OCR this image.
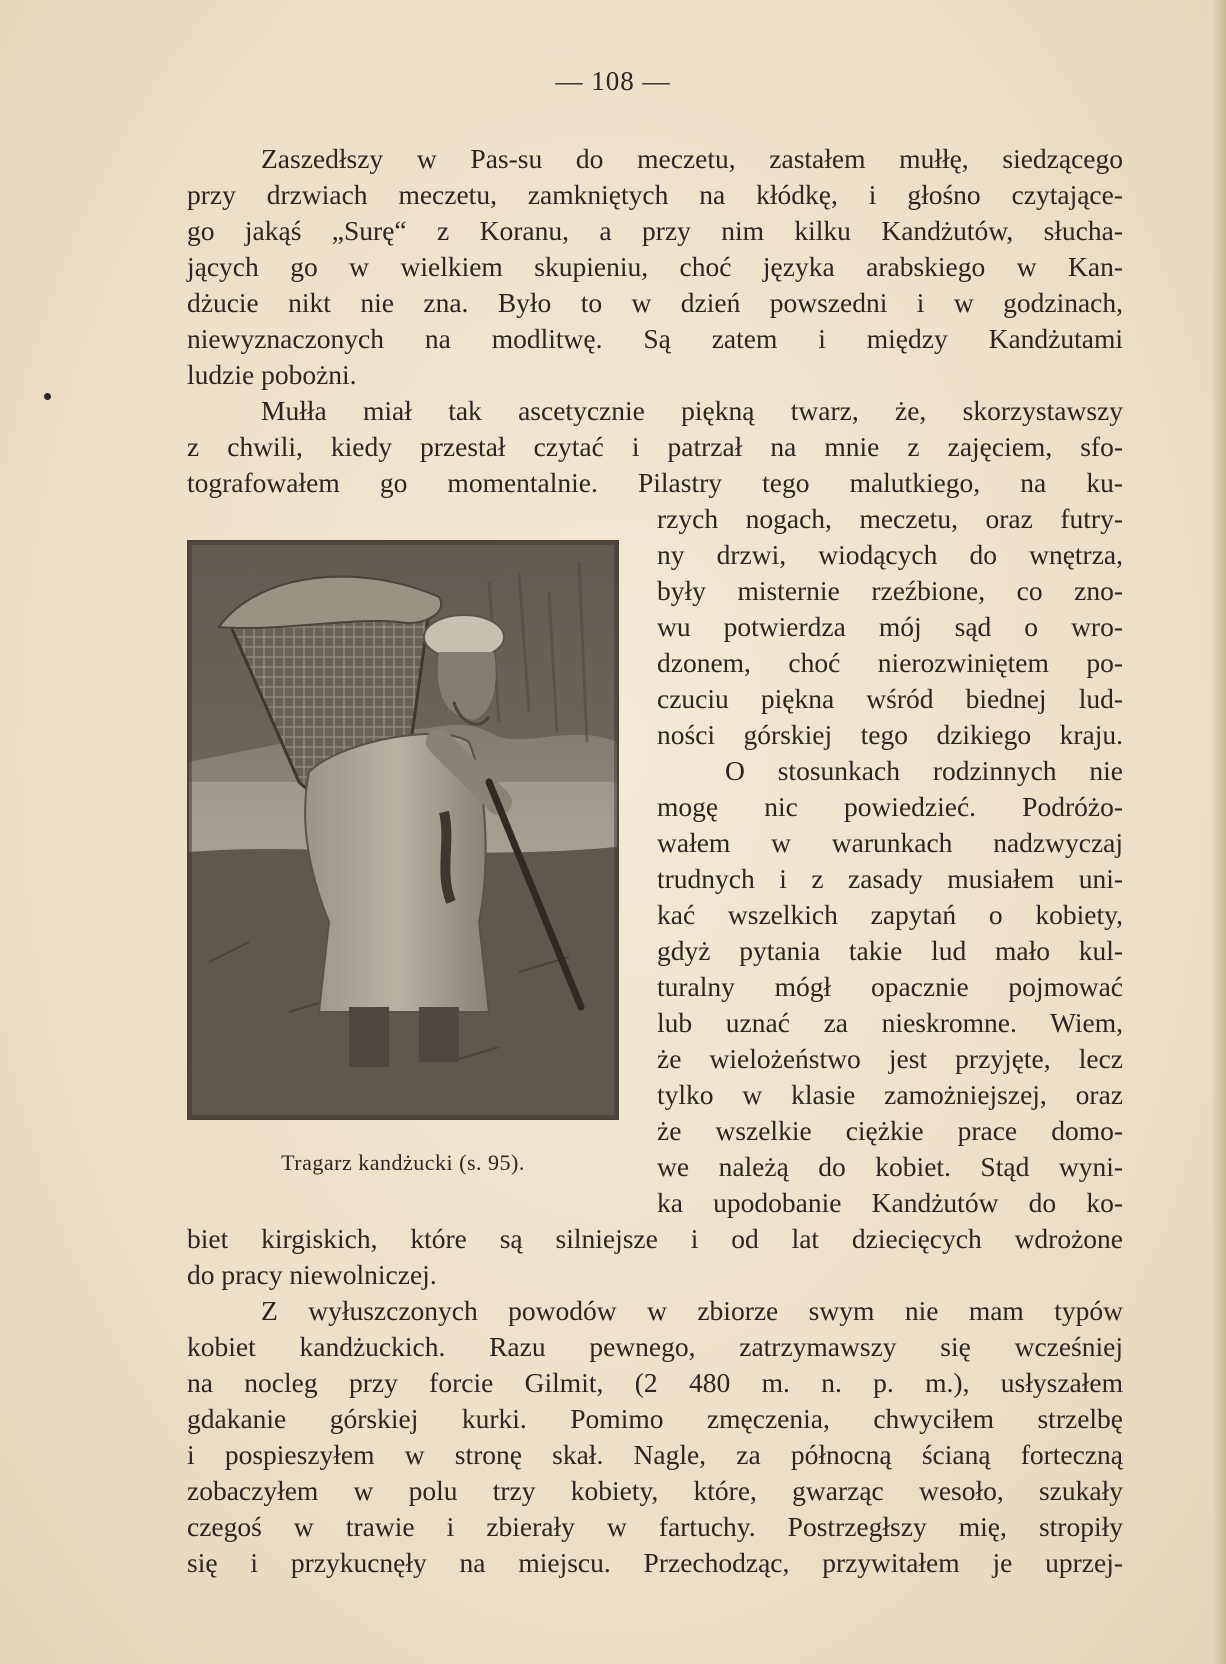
— 108 —
Zaszedłszy w Pas-su do meczetu, zastałem mułłę, siedzącego
przy drzwiach meczetu, zamkniętych na kłódkę, i głośno czytające-
go jakąś „Surę“ z Koranu, a przy nim kilku Kandżutów, słucha-
jących go w wielkiem skupieniu, choć języka arabskiego w Kan-
dżucie nikt nie zna. Było to w dzień powszedni i w godzinach,
niewyznaczonych na modlitwę. Są zatem i między Kandżutami
ludzie pobożni.
Mułła miał tak ascetycznie piękną twarz, że, skorzystawszy
z chwili, kiedy przestał czytać i patrzał na mnie z zajęciem, sfo-
tografowałem go momentalnie. Pilastry tego malutkiego, na ku-
rzych nogach, meczetu, oraz futry-
ny drzwi, wiodących do wnętrza,
były misternie rzeźbione, co zno-
wu potwierdza mój sąd o wro-
dzonem, choć nierozwiniętem po-
czuciu piękna wśród biednej lud-
ności górskiej tego dzikiego kraju.
O stosunkach rodzinnych nie
mogę nic powiedzieć. Podróżo-
wałem w warunkach nadzwyczaj
trudnych i z zasady musiałem uni-
kać wszelkich zapytań o kobiety,
gdyż pytania takie lud mało kul-
turalny mógł opacznie pojmować
lub uznać za nieskromne. Wiem,
że wielożeństwo jest przyjęte, lecz
tylko w klasie zamożniejszej, oraz
że wszelkie ciężkie prace domo-
we należą do kobiet. Stąd wyni-
ka upodobanie Kandżutów do ko-
biet kirgiskich, które są silniejsze i od lat dziecięcych wdrożone
do pracy niewolniczej.
Z wyłuszczonych powodów w zbiorze swym nie mam typów
kobiet kandżuckich. Razu pewnego, zatrzymawszy się wcześniej
na nocleg przy forcie Gilmit, (2 480 m. n. p. m.), usłyszałem
gdakanie górskiej kurki. Pomimo zmęczenia, chwyciłem strzelbę
i pospieszyłem w stronę skał. Nagle, za północną ścianą forteczną
zobaczyłem w polu trzy kobiety, które, gwarząc wesoło, szukały
czegoś w trawie i zbierały w fartuchy. Postrzegłszy mię, stropiły
się i przykucnęły na miejscu. Przechodząc, przywitałem je uprzej-
Tragarz kandżucki (s. 95).
